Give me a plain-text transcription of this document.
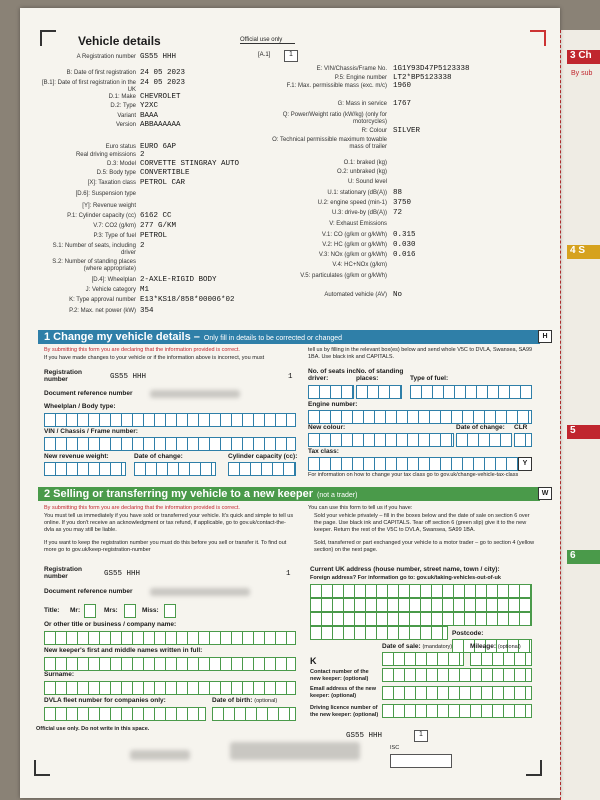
3 Ch
By sub
4 S
5
6
Vehicle details	Official use only
[A.1]	1
A Registration number GS55 HHH
B: Date of first registration 24 05 2023
[B.1]: Date of first registration in the UK
24 05 2023
D.1: Make CHEVROLET
D.2: Type Y2XC
Variant BAAA
Version ABBAAAAAA
Euro status EURO 6AP
Real driving emissions 2
D.3: Model CORVETTE STINGRAY AUTO
D.5: Body type CONVERTIBLE
[X]: Taxation class PETROL CAR
[D.6]: Suspension type
[Y]: Revenue weight
P.1: Cylinder capacity (cc) 6162 CC
V.7: CO2 (g/km) 277 G/KM
P.3: Type of fuel PETROL
S.1: Number of seats, including driver
2
S.2: Number of standing places (where appropriate)
[D.4]: Wheelplan 2-AXLE-RIGID BODY
J: Vehicle category M1
K: Type approval number E13*KS18/858*00006*02
P.2: Max. net power (kW) 354
E: VIN/Chassis/Frame No. 1G1Y93D47P5123338
P.5: Engine number LT2*BP5123338
F.1: Max. permissible mass (exc. m/c) 1960
G: Mass in service 1767
Q: Power/Weight ratio (kW/kg) (only for motorcycles)
R: Colour SILVER
O: Technical permissible maximum towable mass of trailer
O.1: braked (kg)
O.2: unbraked (kg)
U: Sound level
U.1: stationary (dB(A)) 88
U.2: engine speed (min-1) 3750
U.3: drive-by (dB(A)) 72
V: Exhaust Emissions
V.1: CO (g/km or g/kWh) 0.315
V.2: HC (g/km or g/kWh) 0.030
V.3: NOx (g/km or g/kWh) 0.016
V.4: HC+NOx (g/km)
V.5: particulates (g/km or g/kWh)
Automated vehicle (AV) No
1 Change my vehicle details – Only fill in details to be corrected or changed	H
By submitting this form you are declaring that the information provided is correct.
If you have made changes to your vehicle or if the information above is incorrect, you must
tell us by filling in the relevant box(es) below and send whole V5C to DVLA, Swansea, SA99 1BA. Use black ink and CAPITALS.
Registration number	GS55 HHH	1
Document reference number
No. of seats inc. driver:
No. of standing places:	Type of fuel:
Wheelplan / Body type:	Engine number:
VIN / Chassis / Frame number:
New colour:	Date of change: CLR
New revenue weight:	Date of change:	Cylinder capacity (cc):
Tax class:
Y
For information on how to change your tax class go to gov.uk/change-vehicle-tax-class
2 Selling or transferring my vehicle to a new keeper (not a trader)	W
By submitting this form you are declaring that the information provided is correct.
You must tell us immediately if you have sold or transferred your vehicle. It's quick and simple to tell us online. If you don't receive an acknowledgment or tax refund, if applicable, go to gov.uk/contact-the-dvla as you may still be liable.
If you want to keep the registration number you must do this before you sell or transfer it. To find out more go to gov.uk/keep-registration-number
You can use this form to tell us if you have:
Sold your vehicle privately – fill in the boxes below and the date of sale on section 6 over the page. Use black ink and CAPITALS. Tear off section 6 (green slip) give it to the new keeper. Return the rest of the V5C to DVLA, Swansea, SA99 1BA.
Sold, transferred or part exchanged your vehicle to a motor trader – go to section 4 (yellow section) on the next page.
Registration number	GS55 HHH	1
Document reference number
Title: Mr:	Mrs:	Miss:
Or other title or business / company name:
New keeper's first and middle names written in full:
Surname:
DVLA fleet number for companies only:	Date of birth: (optional)
Current UK address (house number, street name, town / city):
Foreign address? For information go to: gov.uk/taking-vehicles-out-of-uk
Postcode:
Date of sale: (mandatory)	Mileage: (optional)
K
Contact number of the new keeper: (optional)
Email address of the new keeper: (optional)
Driving licence number of the new keeper: (optional)
Official use only. Do not write in this space.
GS55 HHH	1
ISC
